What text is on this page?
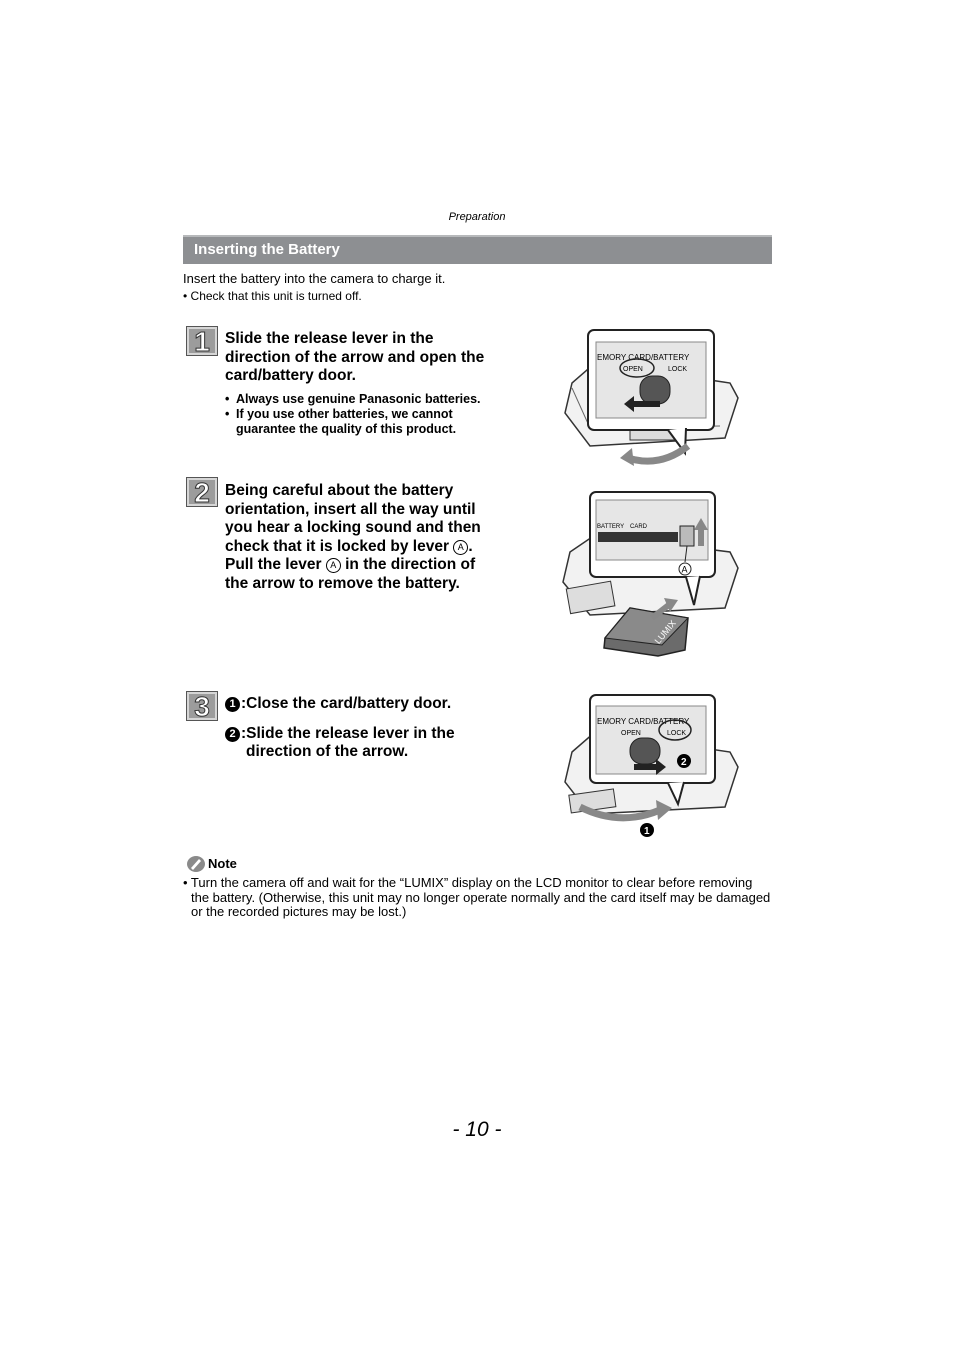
Preparation
Inserting the Battery
Insert the battery into the camera to charge it.
• Check that this unit is turned off.
1 Slide the release lever in the
direction of the arrow and open the
card/battery door.
• Always use genuine Panasonic batteries.
• If you use other batteries, we cannot guarantee the quality of this product.
EMORY CARD/BATTERY
OPEN	LOCK
2 Being careful about the battery
orientation, insert all the way until
you hear a locking sound and then
check that it is locked by lever A .
Pull the lever A in the direction of
the arrow to remove the battery.
LUMIX
BATTERY CARD
A
3	1 :Close the card/battery door.
2 :Slide the release lever in the
direction of the arrow.
1
EMORY CARD/BATTERY
OPEN	LOCK
2
Note
• Turn the camera off and wait for the “LUMIX” display on the LCD monitor to clear before removing the battery. (Otherwise, this unit may no longer operate normally and the card itself may be damaged or the recorded pictures may be lost.)
- 10 -
